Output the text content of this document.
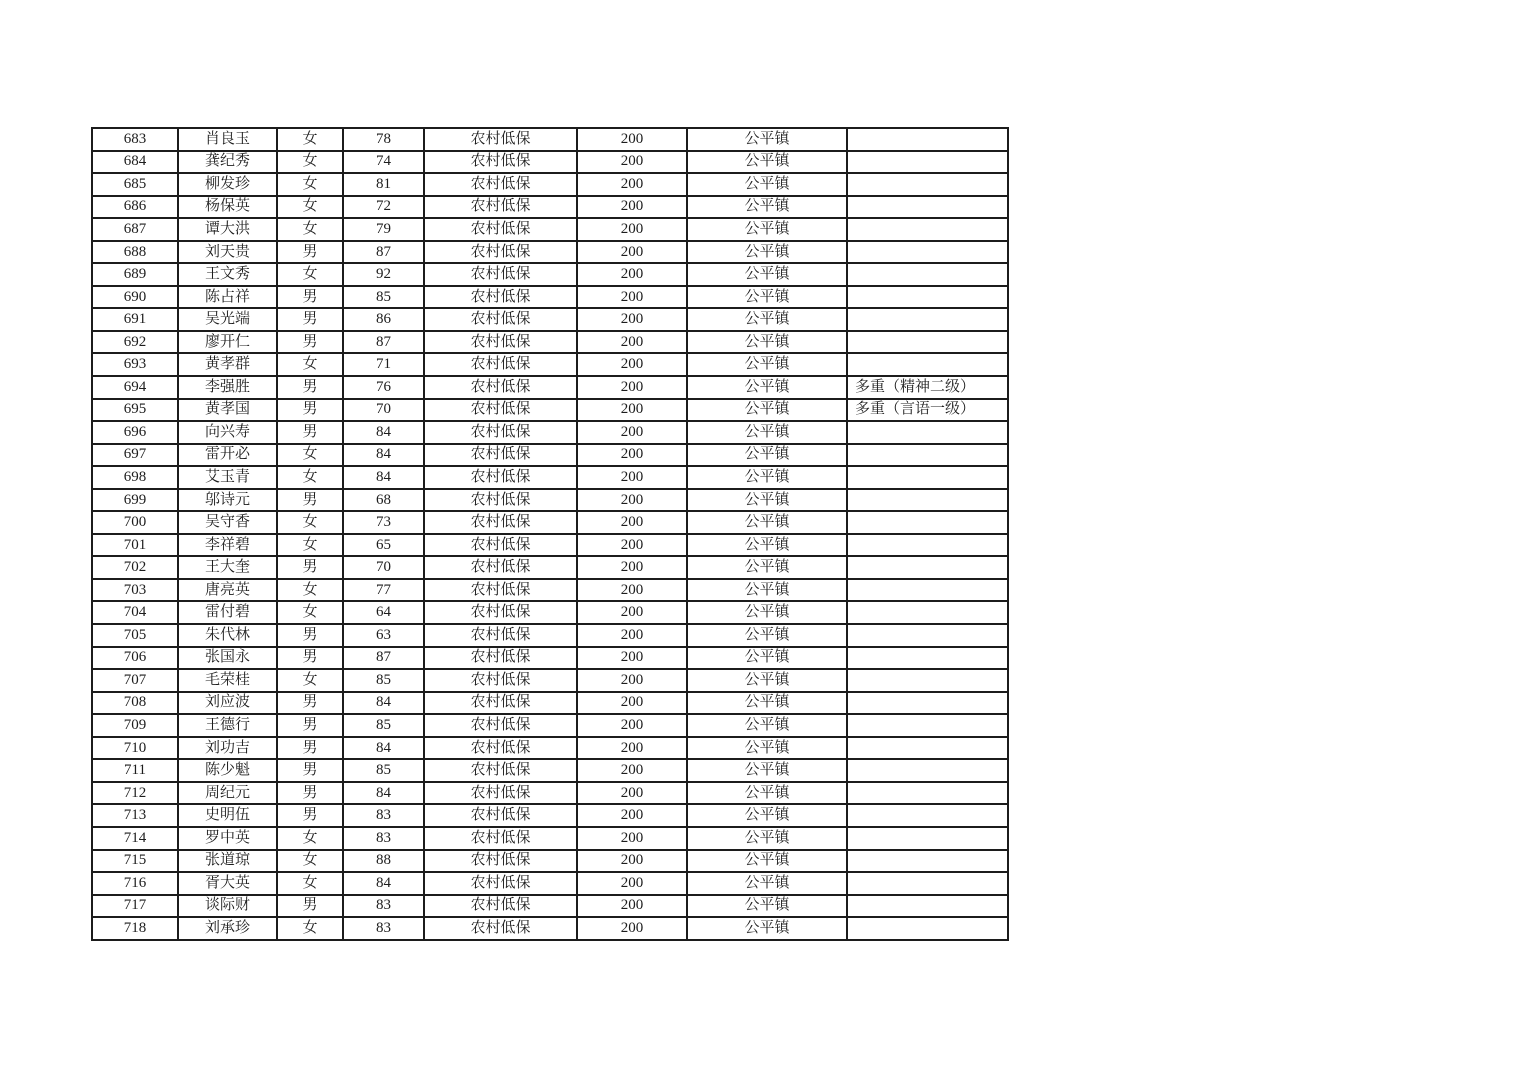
683	肖良玉	女	78	农村低保	200	公平镇	
684	龚纪秀	女	74	农村低保	200	公平镇	
685	柳发珍	女	81	农村低保	200	公平镇	
686	杨保英	女	72	农村低保	200	公平镇	
687	谭大洪	女	79	农村低保	200	公平镇	
688	刘天贵	男	87	农村低保	200	公平镇	
689	王文秀	女	92	农村低保	200	公平镇	
690	陈占祥	男	85	农村低保	200	公平镇	
691	吴光端	男	86	农村低保	200	公平镇	
692	廖开仁	男	87	农村低保	200	公平镇	
693	黄孝群	女	71	农村低保	200	公平镇	
694	李强胜	男	76	农村低保	200	公平镇	多重（精神二级）
695	黄孝国	男	70	农村低保	200	公平镇	多重（言语一级）
696	向兴寿	男	84	农村低保	200	公平镇	
697	雷开必	女	84	农村低保	200	公平镇	
698	艾玉青	女	84	农村低保	200	公平镇	
699	邬诗元	男	68	农村低保	200	公平镇	
700	吴守香	女	73	农村低保	200	公平镇	
701	李祥碧	女	65	农村低保	200	公平镇	
702	王大奎	男	70	农村低保	200	公平镇	
703	唐亮英	女	77	农村低保	200	公平镇	
704	雷付碧	女	64	农村低保	200	公平镇	
705	朱代林	男	63	农村低保	200	公平镇	
706	张国永	男	87	农村低保	200	公平镇	
707	毛荣桂	女	85	农村低保	200	公平镇	
708	刘应波	男	84	农村低保	200	公平镇	
709	王德行	男	85	农村低保	200	公平镇	
710	刘功吉	男	84	农村低保	200	公平镇	
711	陈少魁	男	85	农村低保	200	公平镇	
712	周纪元	男	84	农村低保	200	公平镇	
713	史明伍	男	83	农村低保	200	公平镇	
714	罗中英	女	83	农村低保	200	公平镇	
715	张道琼	女	88	农村低保	200	公平镇	
716	胥大英	女	84	农村低保	200	公平镇	
717	谈际财	男	83	农村低保	200	公平镇	
718	刘承珍	女	83	农村低保	200	公平镇	
